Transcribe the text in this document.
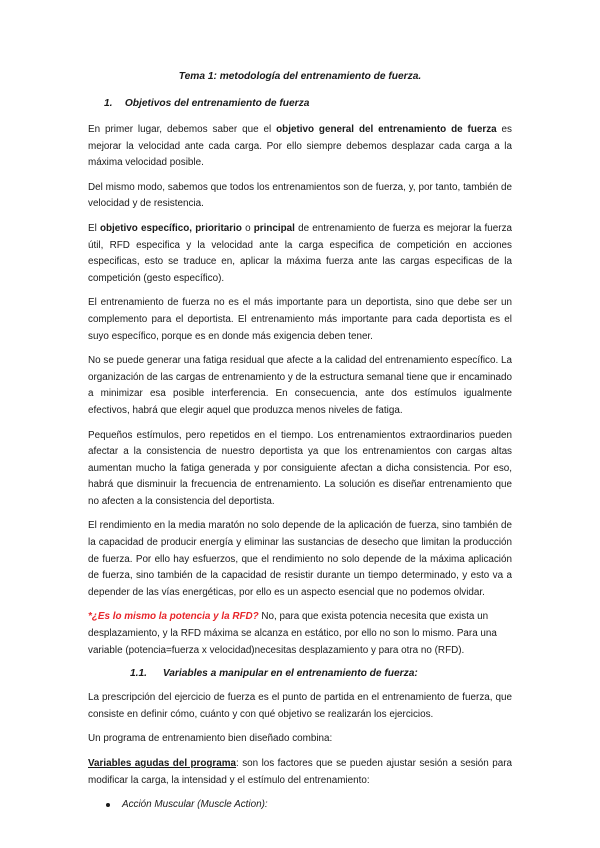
Tema 1: metodología del entrenamiento de fuerza.
1. Objetivos del entrenamiento de fuerza

En primer lugar, debemos saber que el objetivo general del entrenamiento de fuerza es mejorar la velocidad ante cada carga. Por ello siempre debemos desplazar cada carga a la máxima velocidad posible.

Del mismo modo, sabemos que todos los entrenamientos son de fuerza, y, por tanto, también de velocidad y de resistencia.

El objetivo específico, prioritario o principal de entrenamiento de fuerza es mejorar la fuerza útil, RFD especifica y la velocidad ante la carga especifica de competición en acciones especificas, esto se traduce en, aplicar la máxima fuerza ante las cargas especificas de la competición (gesto específico).

El entrenamiento de fuerza no es el más importante para un deportista, sino que debe ser un complemento para el deportista. El entrenamiento más importante para cada deportista es el suyo específico, porque es en donde más exigencia deben tener.

No se puede generar una fatiga residual que afecte a la calidad del entrenamiento específico. La organización de las cargas de entrenamiento y de la estructura semanal tiene que ir encaminado a minimizar esa posible interferencia. En consecuencia, ante dos estímulos igualmente efectivos, habrá que elegir aquel que produzca menos niveles de fatiga.

Pequeños estímulos, pero repetidos en el tiempo. Los entrenamientos extraordinarios pueden afectar a la consistencia de nuestro deportista ya que los entrenamientos con cargas altas aumentan mucho la fatiga generada y por consiguiente afectan a dicha consistencia. Por eso, habrá que disminuir la frecuencia de entrenamiento. La solución es diseñar entrenamiento que no afecten a la consistencia del deportista.

El rendimiento en la media maratón no solo depende de la aplicación de fuerza, sino también de la capacidad de producir energía y eliminar las sustancias de desecho que limitan la producción de fuerza. Por ello hay esfuerzos, que el rendimiento no solo depende de la máxima aplicación de fuerza, sino también de la capacidad de resistir durante un tiempo determinado, y esto va a depender de las vías energéticas, por ello es un aspecto esencial que no podemos olvidar.

*¿Es lo mismo la potencia y la RFD? No, para que exista potencia necesita que exista un desplazamiento, y la RFD máxima se alcanza en estático, por ello no son lo mismo. Para una variable (potencia=fuerza x velocidad)necesitas desplazamiento y para otra no (RFD).

1.1. Variables a manipular en el entrenamiento de fuerza:

La prescripción del ejercicio de fuerza es el punto de partida en el entrenamiento de fuerza, que consiste en definir cómo, cuánto y con qué objetivo se realizarán los ejercicios.

Un programa de entrenamiento bien diseñado combina:

Variables agudas del programa: son los factores que se pueden ajustar sesión a sesión para modificar la carga, la intensidad y el estímulo del entrenamiento:

Acción Muscular (Muscle Action):
